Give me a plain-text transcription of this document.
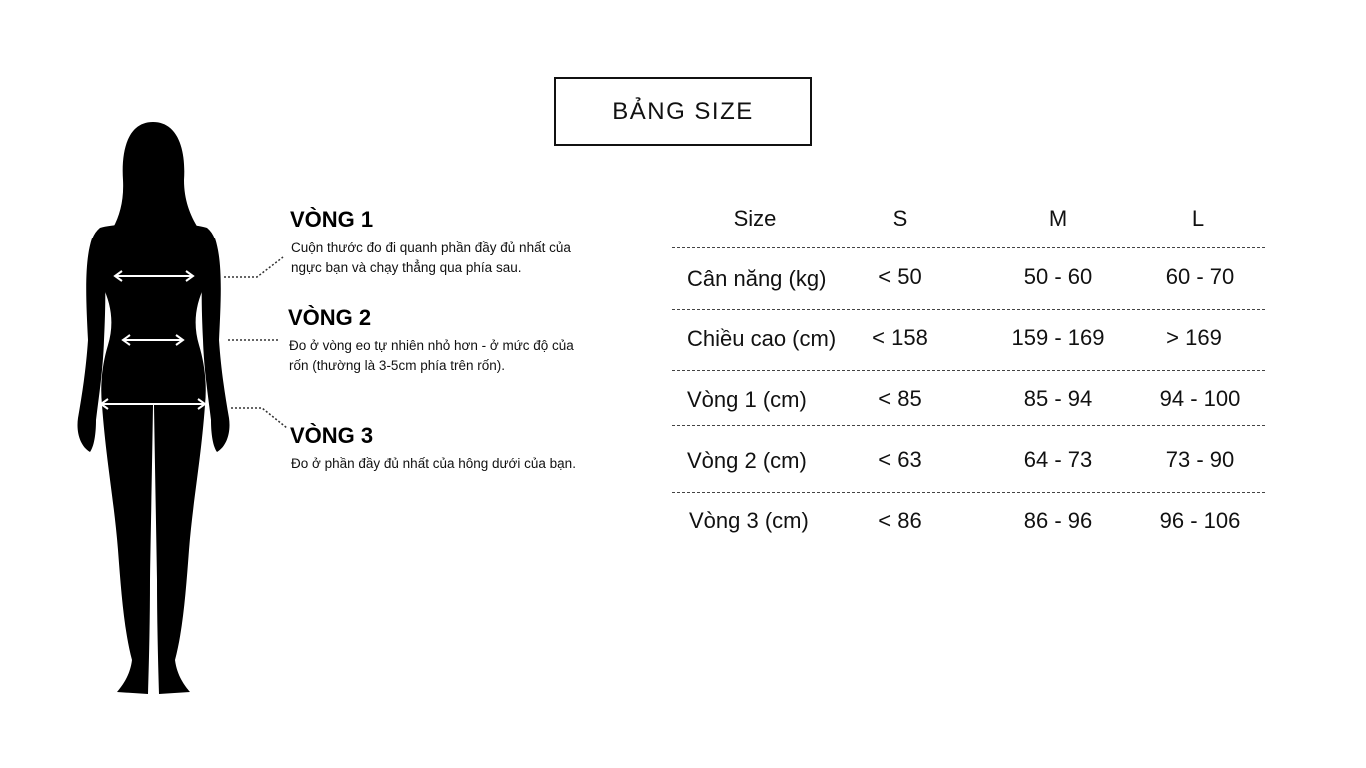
BẢNG SIZE
VÒNG 1
Cuộn thước đo đi quanh phần đầy đủ nhất của
ngực bạn và chạy thẳng qua phía sau.
VÒNG 2
Đo ở vòng eo tự nhiên nhỏ hơn - ở mức độ của
rốn (thường là 3-5cm phía trên rốn).
VÒNG 3
Đo ở phần đầy đủ nhất của hông dưới của bạn.
Size	S	M	L
Cân năng (kg)	< 50	50 - 60	60 - 70
Chiều cao (cm)	< 158	159 - 169	> 169
Vòng 1 (cm)	< 85	85 - 94	94 - 100
Vòng 2 (cm)	< 63	64 - 73	73 - 90
Vòng 3 (cm)	< 86	86 - 96	96 - 106
